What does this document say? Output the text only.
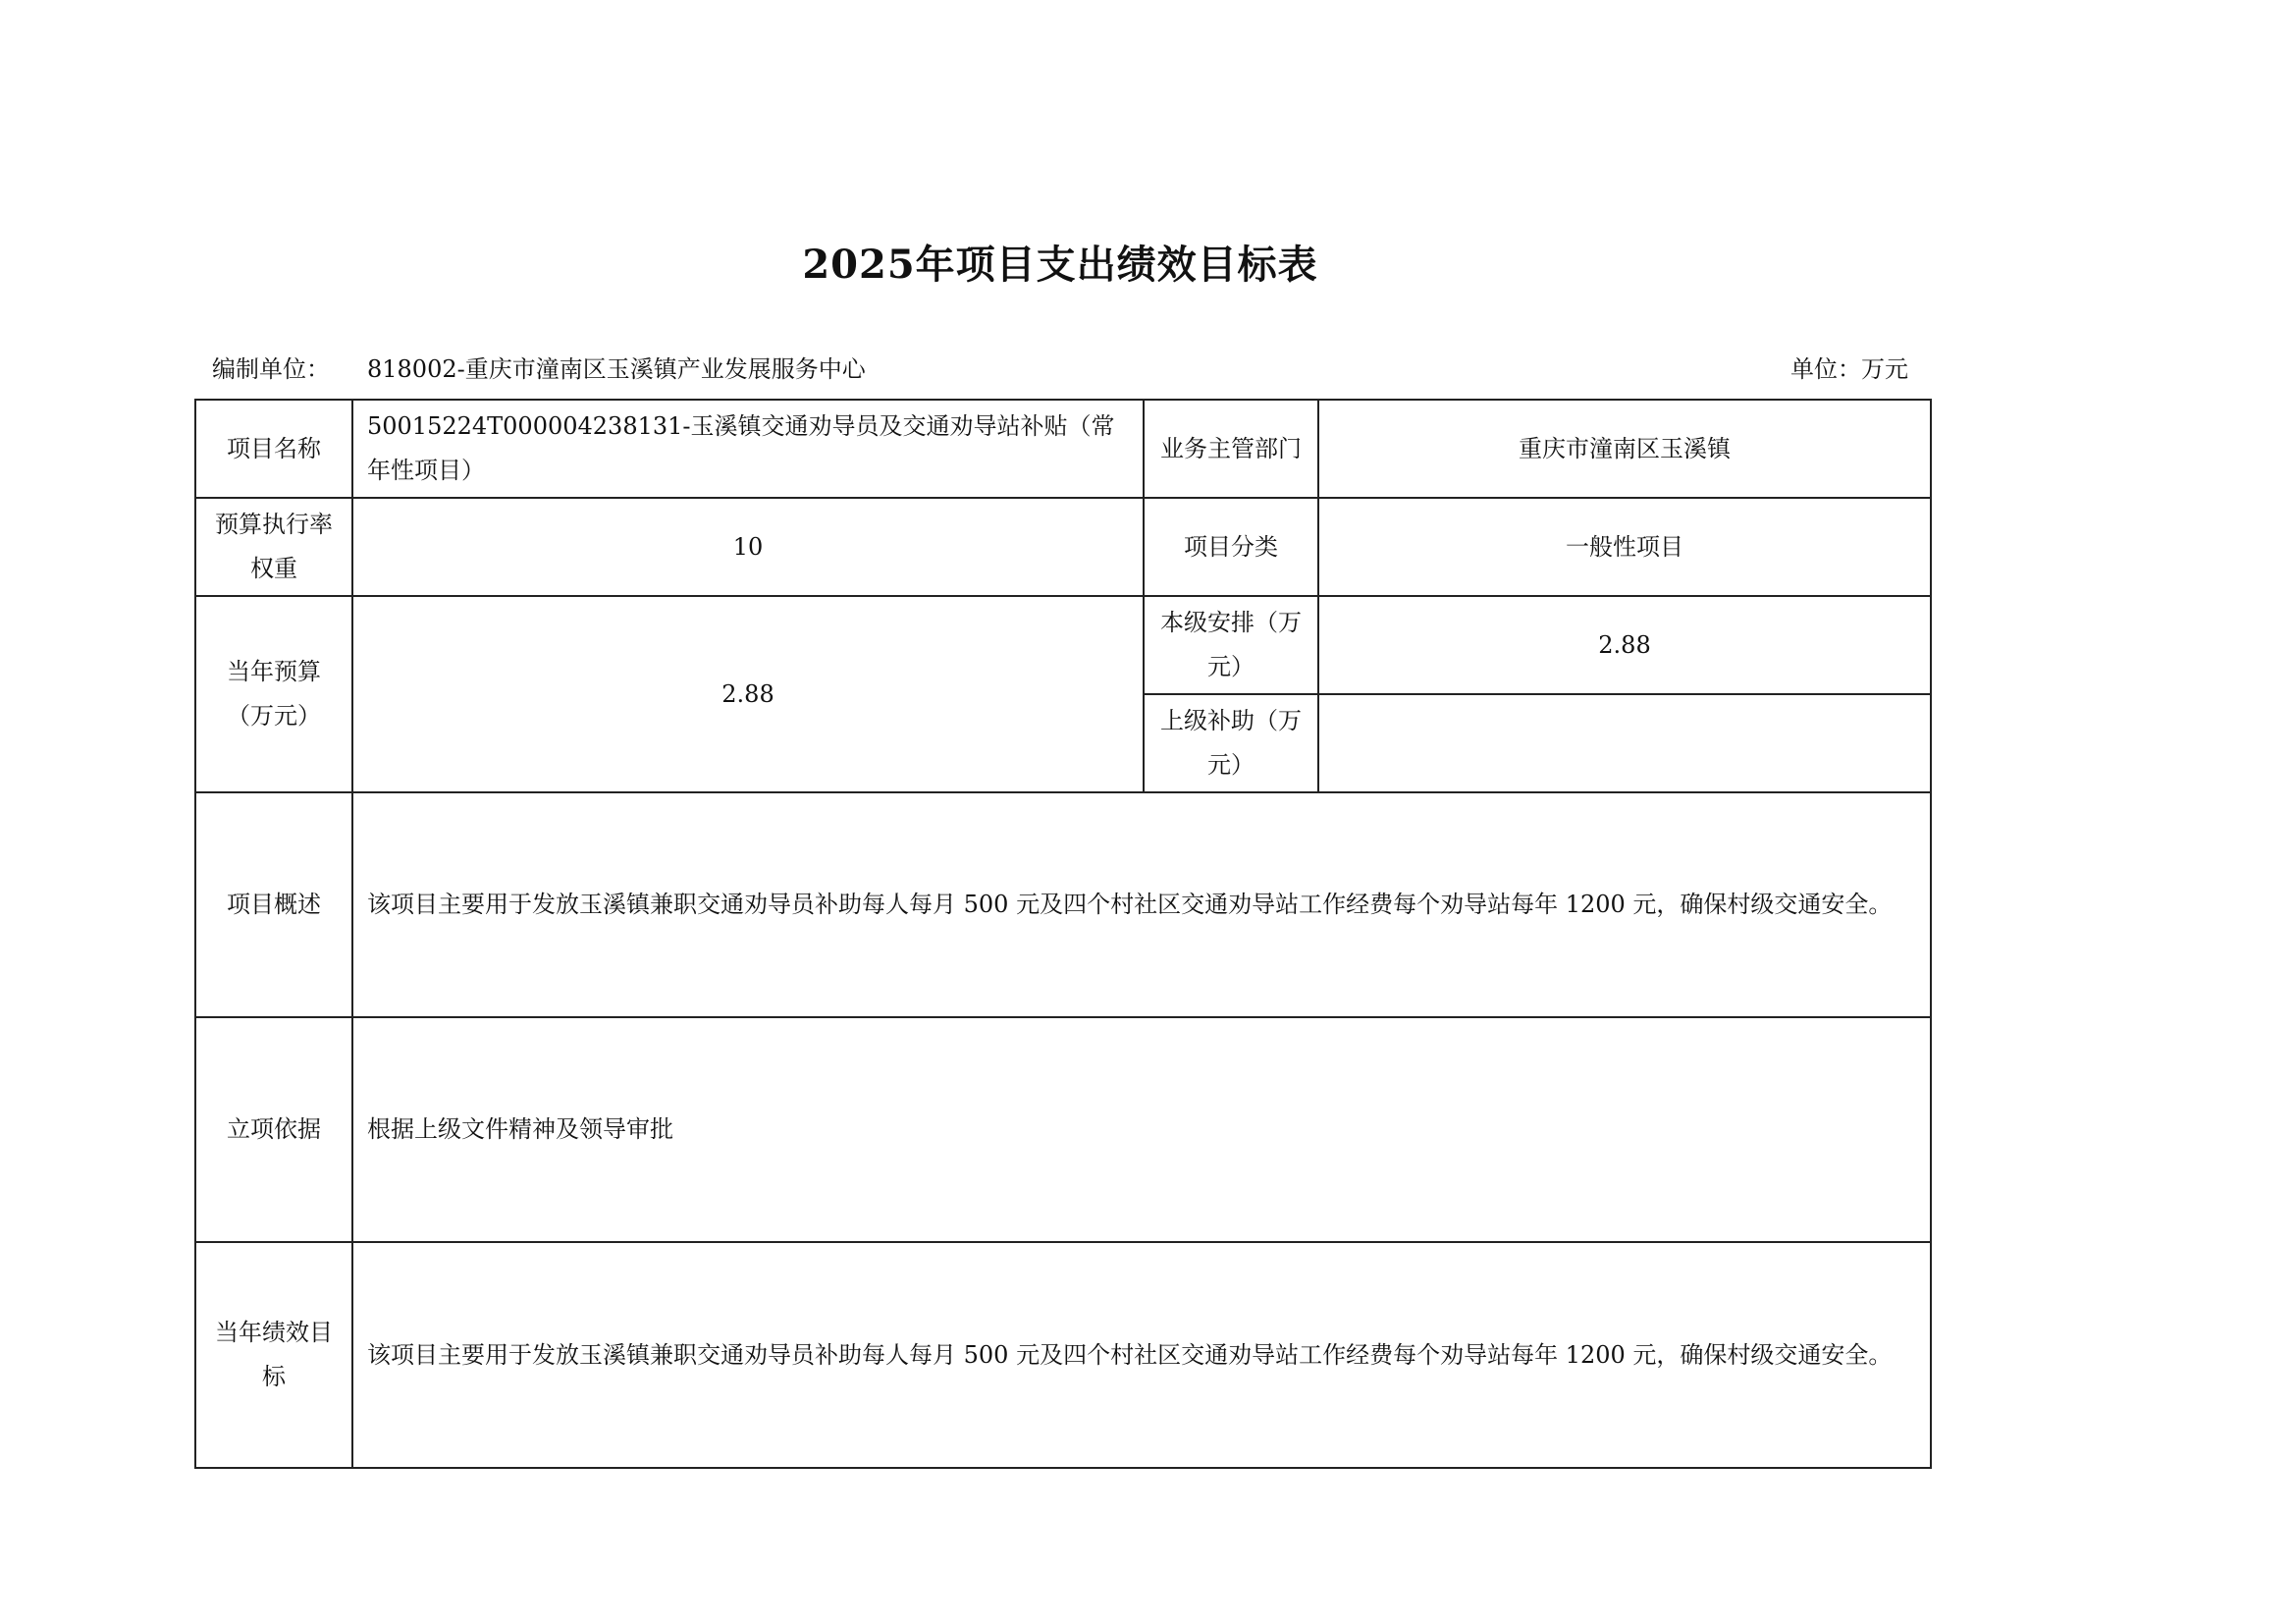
2025年项目支出绩效目标表
编制单位： 818002-重庆市潼南区玉溪镇产业发展服务中心	单位：万元
项目名称	50015224T000004238131-玉溪镇交通劝导员及交通劝导站补贴（常年性项目）	业务主管部门	重庆市潼南区玉溪镇
预算执行率权重	10	项目分类	一般性项目
当年预算（万元）	2.88	本级安排（万元）	2.88
		上级补助（万元）	
项目概述	该项目主要用于发放玉溪镇兼职交通劝导员补助每人每月 500 元及四个村社区交通劝导站工作经费每个劝导站每年 1200 元，确保村级交通安全。		
立项依据	根据上级文件精神及领导审批		
当年绩效目标	该项目主要用于发放玉溪镇兼职交通劝导员补助每人每月 500 元及四个村社区交通劝导站工作经费每个劝导站每年 1200 元，确保村级交通安全。		
